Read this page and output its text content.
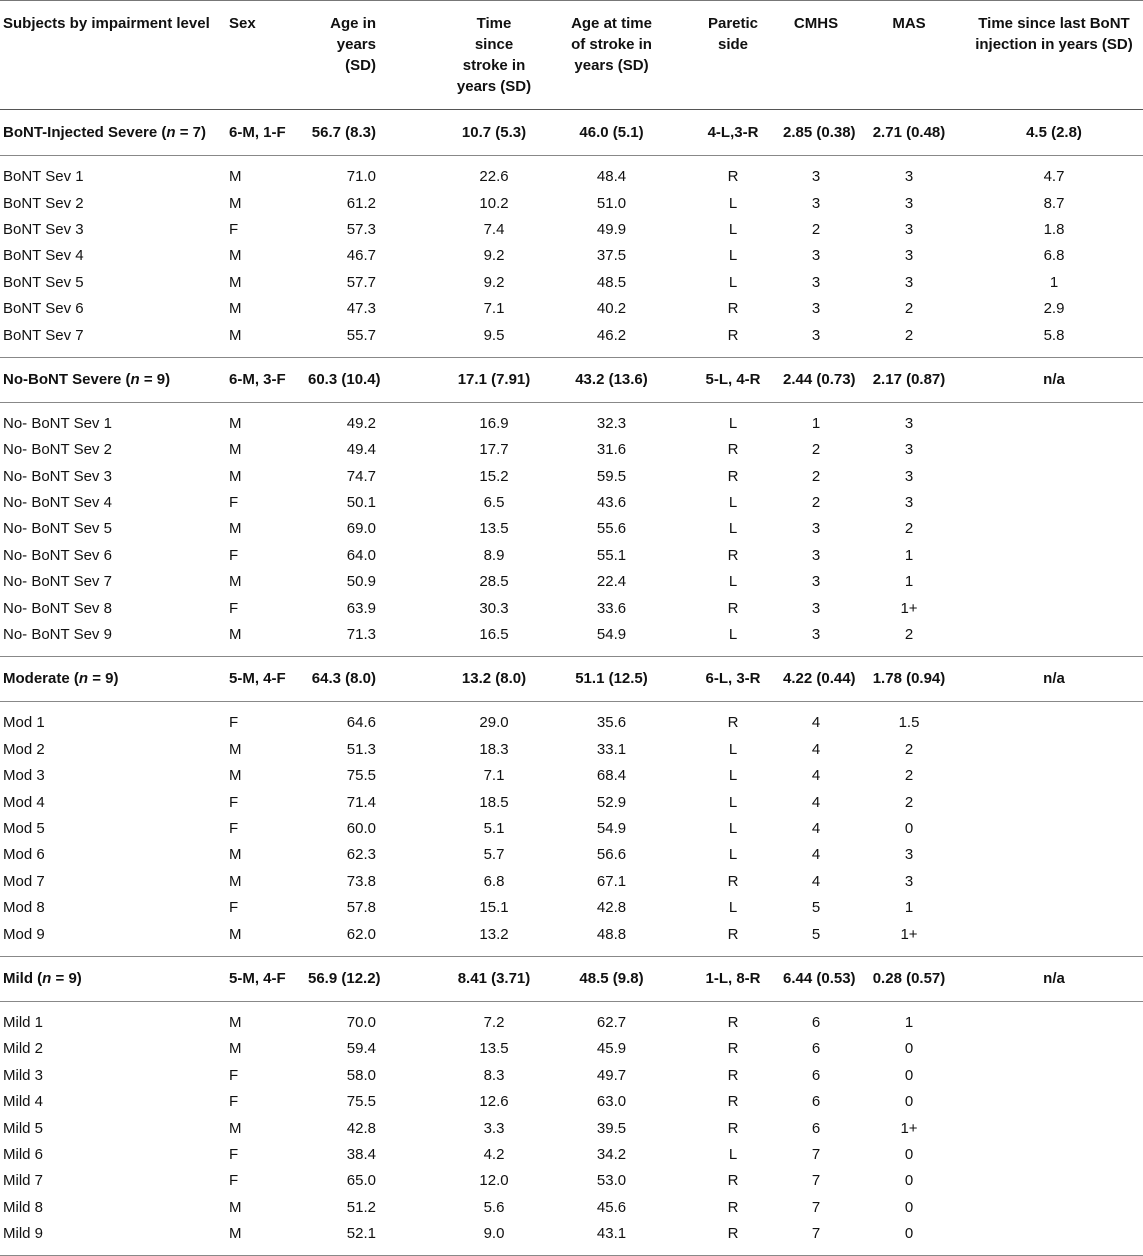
Subjects by impairment level	Sex	Age in years (SD)	Time since stroke in years (SD)	Age at time of stroke in years (SD)	Paretic side	CMHS	MAS	Time since last BoNT injection in years (SD)
BoNT-Injected Severe (n = 7)	6-M, 1-F	56.7 (8.3)	10.7 (5.3)	46.0 (5.1)	4-L,3-R	2.85 (0.38)	2.71 (0.48)	4.5 (2.8)

BoNT Sev 1	M	71.0	22.6	48.4	R	3	3	4.7
BoNT Sev 2	M	61.2	10.2	51.0	L	3	3	8.7
BoNT Sev 3	F	57.3	7.4	49.9	L	2	3	1.8
BoNT Sev 4	M	46.7	9.2	37.5	L	3	3	6.8
BoNT Sev 5	M	57.7	9.2	48.5	L	3	3	1
BoNT Sev 6	M	47.3	7.1	40.2	R	3	2	2.9
BoNT Sev 7	M	55.7	9.5	46.2	R	3	2	5.8

No-BoNT Severe (n = 9)	6-M, 3-F	60.3 (10.4)	17.1 (7.91)	43.2 (13.6)	5-L, 4-R	2.44 (0.73)	2.17 (0.87)	n/a

No- BoNT Sev 1	M	49.2	16.9	32.3	L	1	3	
No- BoNT Sev 2	M	49.4	17.7	31.6	R	2	3	
No- BoNT Sev 3	M	74.7	15.2	59.5	R	2	3	
No- BoNT Sev 4	F	50.1	6.5	43.6	L	2	3	
No- BoNT Sev 5	M	69.0	13.5	55.6	L	3	2	
No- BoNT Sev 6	F	64.0	8.9	55.1	R	3	1	
No- BoNT Sev 7	M	50.9	28.5	22.4	L	3	1	
No- BoNT Sev 8	F	63.9	30.3	33.6	R	3	1+	
No- BoNT Sev 9	M	71.3	16.5	54.9	L	3	2	

Moderate (n = 9)	5-M, 4-F	64.3 (8.0)	13.2 (8.0)	51.1 (12.5)	6-L, 3-R	4.22 (0.44)	1.78 (0.94)	n/a

Mod 1	F	64.6	29.0	35.6	R	4	1.5	
Mod 2	M	51.3	18.3	33.1	L	4	2	
Mod 3	M	75.5	7.1	68.4	L	4	2	
Mod 4	F	71.4	18.5	52.9	L	4	2	
Mod 5	F	60.0	5.1	54.9	L	4	0	
Mod 6	M	62.3	5.7	56.6	L	4	3	
Mod 7	M	73.8	6.8	67.1	R	4	3	
Mod 8	F	57.8	15.1	42.8	L	5	1	
Mod 9	M	62.0	13.2	48.8	R	5	1+	

Mild (n = 9)	5-M, 4-F	56.9 (12.2)	8.41 (3.71)	48.5 (9.8)	1-L, 8-R	6.44 (0.53)	0.28 (0.57)	n/a

Mild 1	M	70.0	7.2	62.7	R	6	1	
Mild 2	M	59.4	13.5	45.9	R	6	0	
Mild 3	F	58.0	8.3	49.7	R	6	0	
Mild 4	F	75.5	12.6	63.0	R	6	0	
Mild 5	M	42.8	3.3	39.5	R	6	1+	
Mild 6	F	38.4	4.2	34.2	L	7	0	
Mild 7	F	65.0	12.0	53.0	R	7	0	
Mild 8	M	51.2	5.6	45.6	R	7	0	
Mild 9	M	52.1	9.0	43.1	R	7	0	
